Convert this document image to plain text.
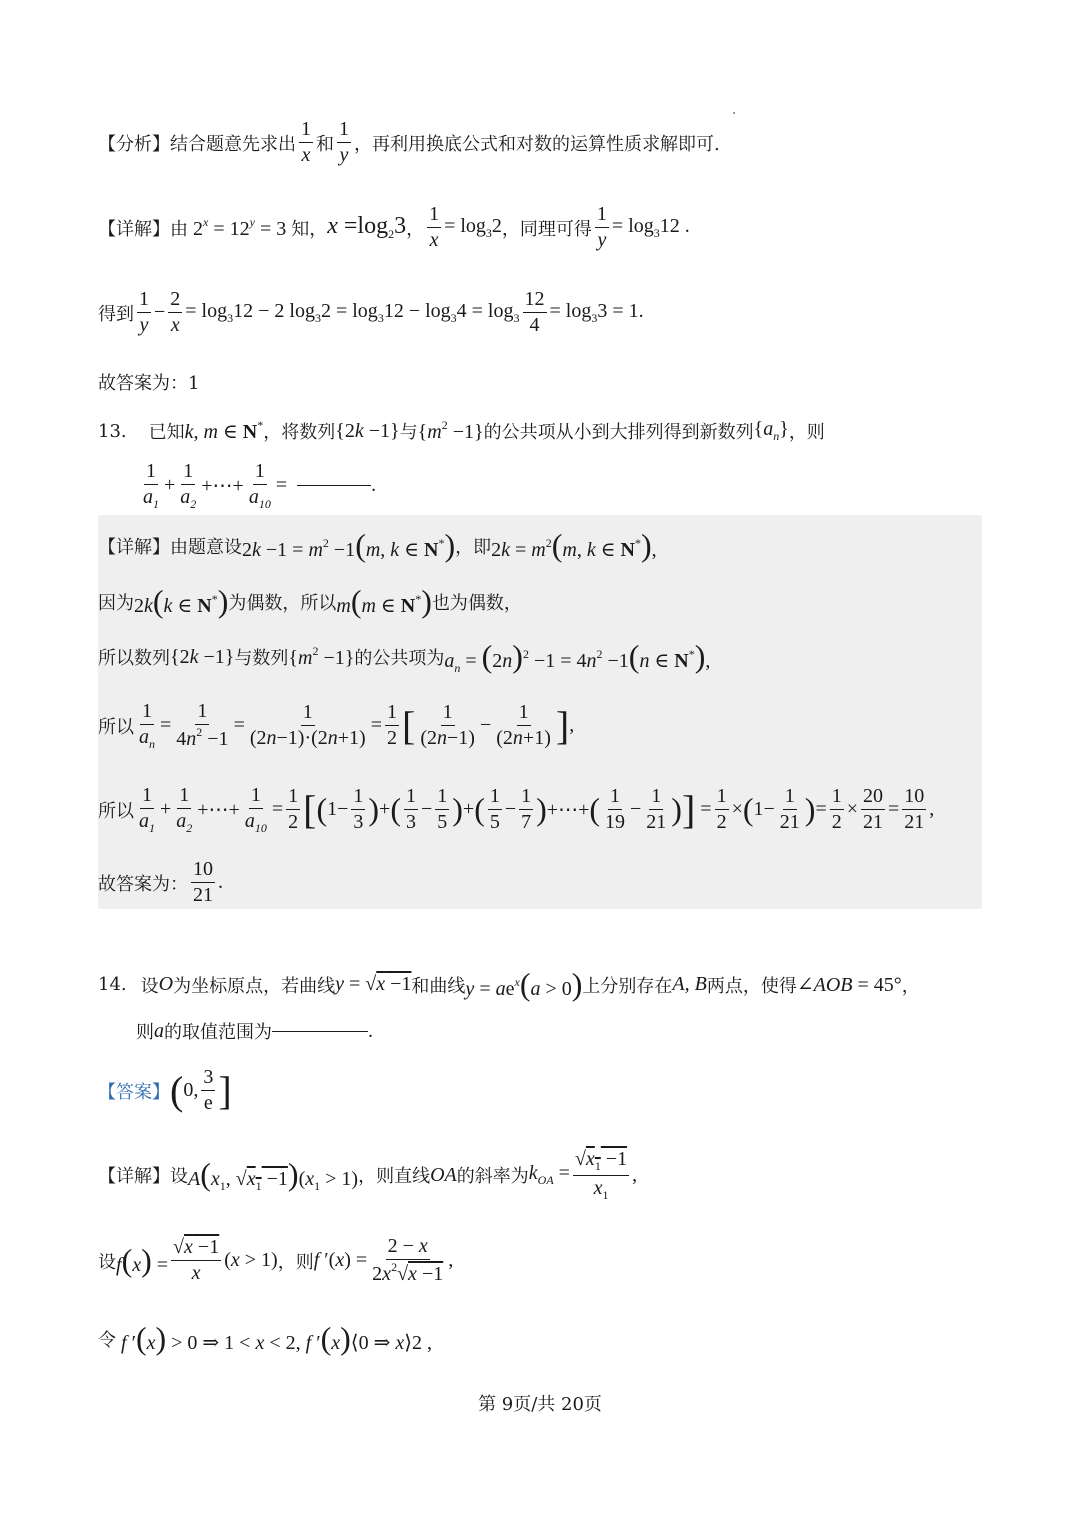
【分析】 结合题意先求出 $\frac{1}{x}$ 和 $\frac{1}{y}$ ，再利用换底公式和对数的运算性质求解即可.
【详解】 由 $2^x = 12^y = 3$ 知， $x =\log_23$ ， $\frac{1}{x} = \log_32$ ，同理可得 $\frac{1}{y} = \log_312$ .
得到 $\frac{1}{y} - \frac{2}{x} = \log_312 - 2$ $\log_32 = \log_312 - \log_34 = \log_3 \frac{12}{4} = \log_33 = 1$.
故答案为：1
13. 已知 k, m ∈ N* ，将数列 {2k −1} 与 $\{m^2 -1\}$ 的公共项从小到大排列得到新数列 $\{a_n\}$ ，则
$\frac{1}{a_1} + \frac{1}{a_2}$ +⋯+ $\frac{1}{a_{10}}$ =	.
【详解】 由题意设 $2k -1 = m^2 -1(m$, k ∈ N*) ，即 $2k = m^2(m$, k ∈ N*),
因为 2k(k ∈ N*) 为偶数，所以 m(m ∈ N*) 也为偶数，
所以数列 {2k −1} 与数列 $\{m^2 -1\}$ 的公共项为 $a_n = (2n)^2 -1 = 4n^2 -1(n$ ∈ N*),
所以 $\frac{1}{a_n} = \frac{1}{4n^2 -1} = \frac{1}{(2n-1)\cdot(2n+1)} = \frac{1}{2}$ [ $\frac{1}{(2n-1)} - \frac{1}{(2n+1)}$ ] ,
所以 $\frac{1}{a_1} + \frac{1}{a_2}$ +⋯+ $\frac{1}{a_{10}} = \frac{1}{2}$ [ ( $1- \frac{1}{3}$ ) + ( $\frac{1}{3} - \frac{1}{5}$ ) + ( $\frac{1}{5} - \frac{1}{7}$ ) +⋯+ ( $\frac{1}{19} - \frac{1}{21}$ ) ] = $\frac{1}{2}$ × ( $1- \frac{1}{21}$ ) = $\frac{1}{2} \times \frac{20}{21} = \frac{10}{21}$ ,
故答案为： $\frac{10}{21}$ .
14. 设 O 为坐标原点，若曲线 y = √x −1 和曲线 $y = ae^x(a > 0)$ 上分别存在 A, B 两点，使得 ∠AOB = 45° ，
则 a 的取值范围为	.
【答案】 ( 0, $\frac{3}{e}$ ]
【详解】 设 $A(x_1$, $√x_1 -1)(x_1 > 1)$ ，则直线 OA 的斜率为 $k_{OA} = \frac{√x_1 -1}{x_1}$ ,
设 $f(x) = \frac{√x -1}{x} (x > 1)$ ，则 f $'(x) = \frac{2 - x}{2x^2√x -1}$ ,
令 f ′(x) > 0 ⇒ 1 < x < 2, f ′(x)⟨0 ⇒ x⟩2 ,
第 9页/共 20页
